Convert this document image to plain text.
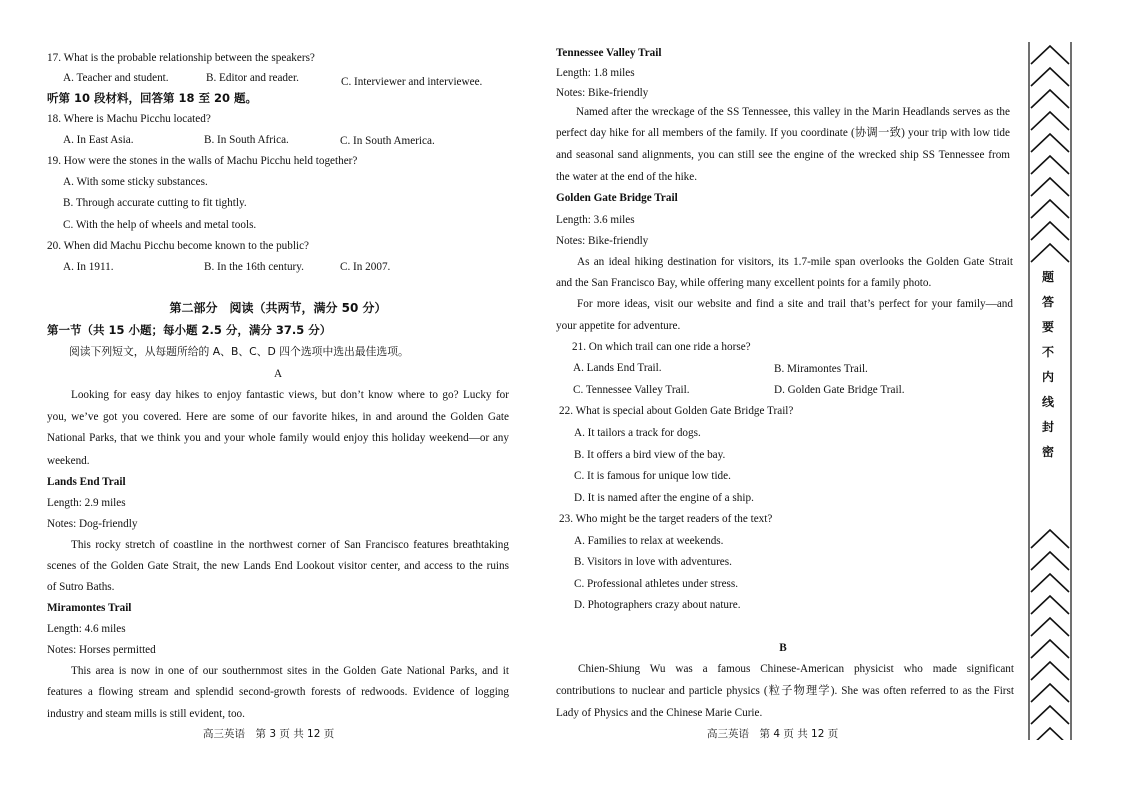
17. What is the probable relationship between the speakers?
A. Teacher and student.	B. Editor and reader.	C. Interviewer and interviewee.
听第 10 段材料，回答第 18 至 20 题。
18. Where is Machu Picchu located?
A. In East Asia.	B. In South Africa.	C. In South America.
19. How were the stones in the walls of Machu Picchu held together?
A. With some sticky substances.
B. Through accurate cutting to fit tightly.
C. With the help of wheels and metal tools.
20. When did Machu Picchu become known to the public?
A. In 1911.	B. In the 16th century.	C. In 2007.
第二部分　阅读（共两节，满分 50 分）
第一节（共 15 小题；每小题 2.5 分，满分 37.5 分）
阅读下列短文，从每题所给的 A、B、C、D 四个选项中选出最佳选项。
A
Looking for easy day hikes to enjoy fantastic views, but don’t know where to go? Lucky for
you, we’ve got you covered. Here are some of our favorite hikes, in and around the Golden Gate
National Parks, that we think you and your whole family would enjoy this holiday weekend—or any
weekend.
Lands End Trail
Length: 2.9 miles
Notes: Dog-friendly
This rocky stretch of coastline in the northwest corner of San Francisco features breathtaking
scenes of the Golden Gate Strait, the new Lands End Lookout visitor center, and access to the ruins
of Sutro Baths.
Miramontes Trail
Length: 4.6 miles
Notes: Horses permitted
This area is now in one of our southernmost sites in the Golden Gate National Parks, and it
features a flowing stream and splendid second-growth forests of redwoods. Evidence of logging
industry and steam mills is still evident, too.
高三英语　第 3 页 共 12 页
Tennessee Valley Trail
Length: 1.8 miles
Notes: Bike-friendly
Named after the wreckage of the SS Tennessee, this valley in the Marin Headlands serves as the
perfect day hike for all members of the family. If you coordinate (协调一致) your trip with low tide
and seasonal sand alignments, you can still see the engine of the wrecked ship SS Tennessee from
the water at the end of the hike.
Golden Gate Bridge Trail
Length: 3.6 miles
Notes: Bike-friendly
As an ideal hiking destination for visitors, its 1.7-mile span overlooks the Golden Gate Strait
and the San Francisco Bay, while offering many excellent points for a family photo.
For more ideas, visit our website and find a site and trail that’s perfect for your family—and
your appetite for adventure.
21. On which trail can one ride a horse?
A. Lands End Trail.	B. Miramontes Trail.
C. Tennessee Valley Trail.	D. Golden Gate Bridge Trail.
22. What is special about Golden Gate Bridge Trail?
A. It tailors a track for dogs.
B. It offers a bird view of the bay.
C. It is famous for unique low tide.
D. It is named after the engine of a ship.
23. Who might be the target readers of the text?
A. Families to relax at weekends.
B. Visitors in love with adventures.
C. Professional athletes under stress.
D. Photographers crazy about nature.
B
Chien-Shiung Wu was a famous Chinese-American physicist who made significant
contributions to nuclear and particle physics (粒子物理学). She was often referred to as the First
Lady of Physics and the Chinese Marie Curie.
高三英语　第 4 页 共 12 页
题
答
要
不
内
线
封
密
